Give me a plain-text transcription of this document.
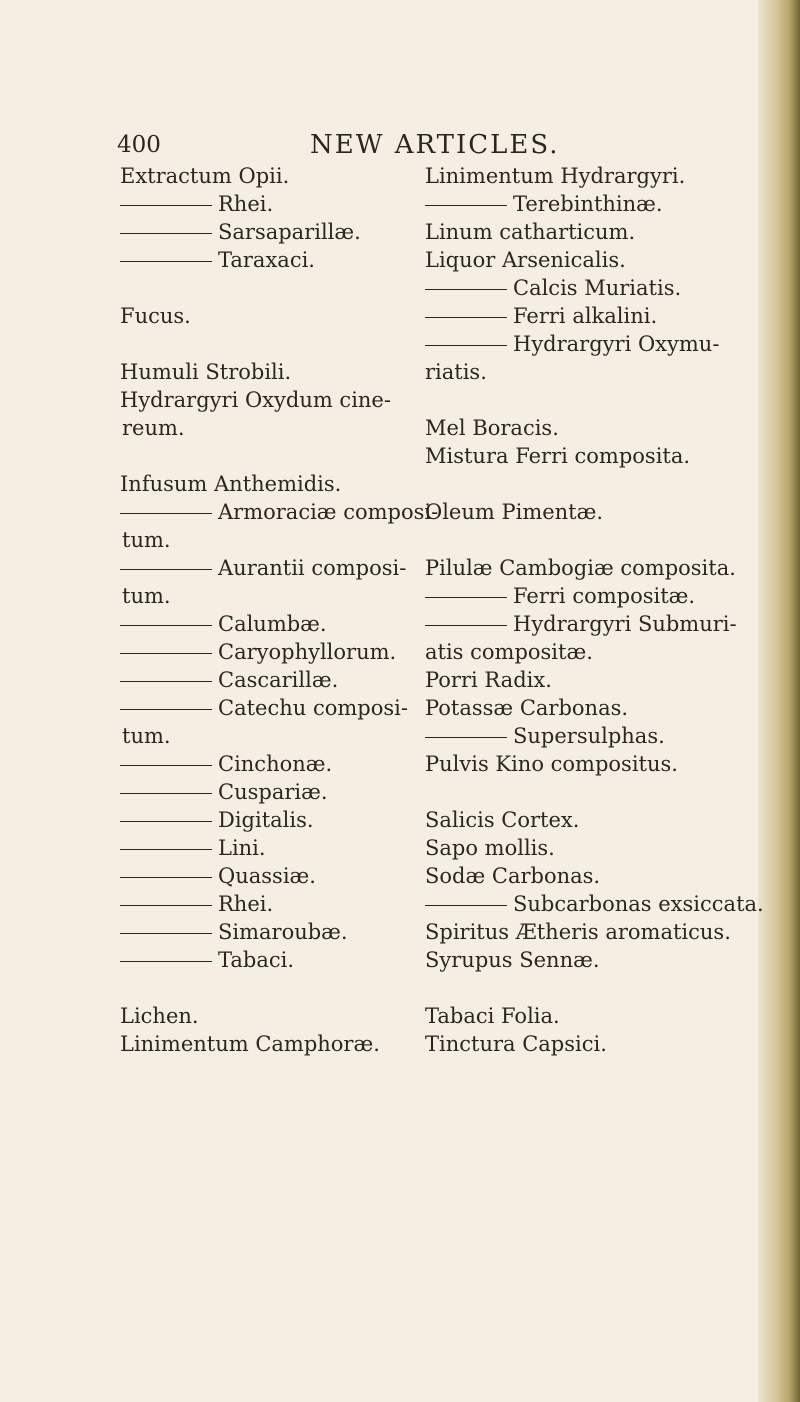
400	NEW ARTICLES.
Extractum Opii.
Rhei.
Sarsaparillæ.
Taraxaci.
Fucus.
Humuli Strobili.
Hydrargyri Oxydum cine-
reum.
Infusum Anthemidis.
Armoraciæ composi-
tum.
Aurantii composi-
tum.
Calumbæ.
Caryophyllorum.
Cascarillæ.
Catechu composi-
tum.
Cinchonæ.
Cuspariæ.
Digitalis.
Lini.
Quassiæ.
Rhei.
Simaroubæ.
Tabaci.
Lichen.
Linimentum Camphoræ.
Linimentum Hydrargyri.
Terebinthinæ.
Linum catharticum.
Liquor Arsenicalis.
Calcis Muriatis.
Ferri alkalini.
Hydrargyri Oxymu-
riatis.
Mel Boracis.
Mistura Ferri composita.
Oleum Pimentæ.
Pilulæ Cambogiæ composita.
Ferri compositæ.
Hydrargyri Submuri-
atis compositæ.
Porri Radix.
Potassæ Carbonas.
Supersulphas.
Pulvis Kino compositus.
Salicis Cortex.
Sapo mollis.
Sodæ Carbonas.
Subcarbonas exsiccata.
Spiritus Ætheris aromaticus.
Syrupus Sennæ.
Tabaci Folia.
Tinctura Capsici.
